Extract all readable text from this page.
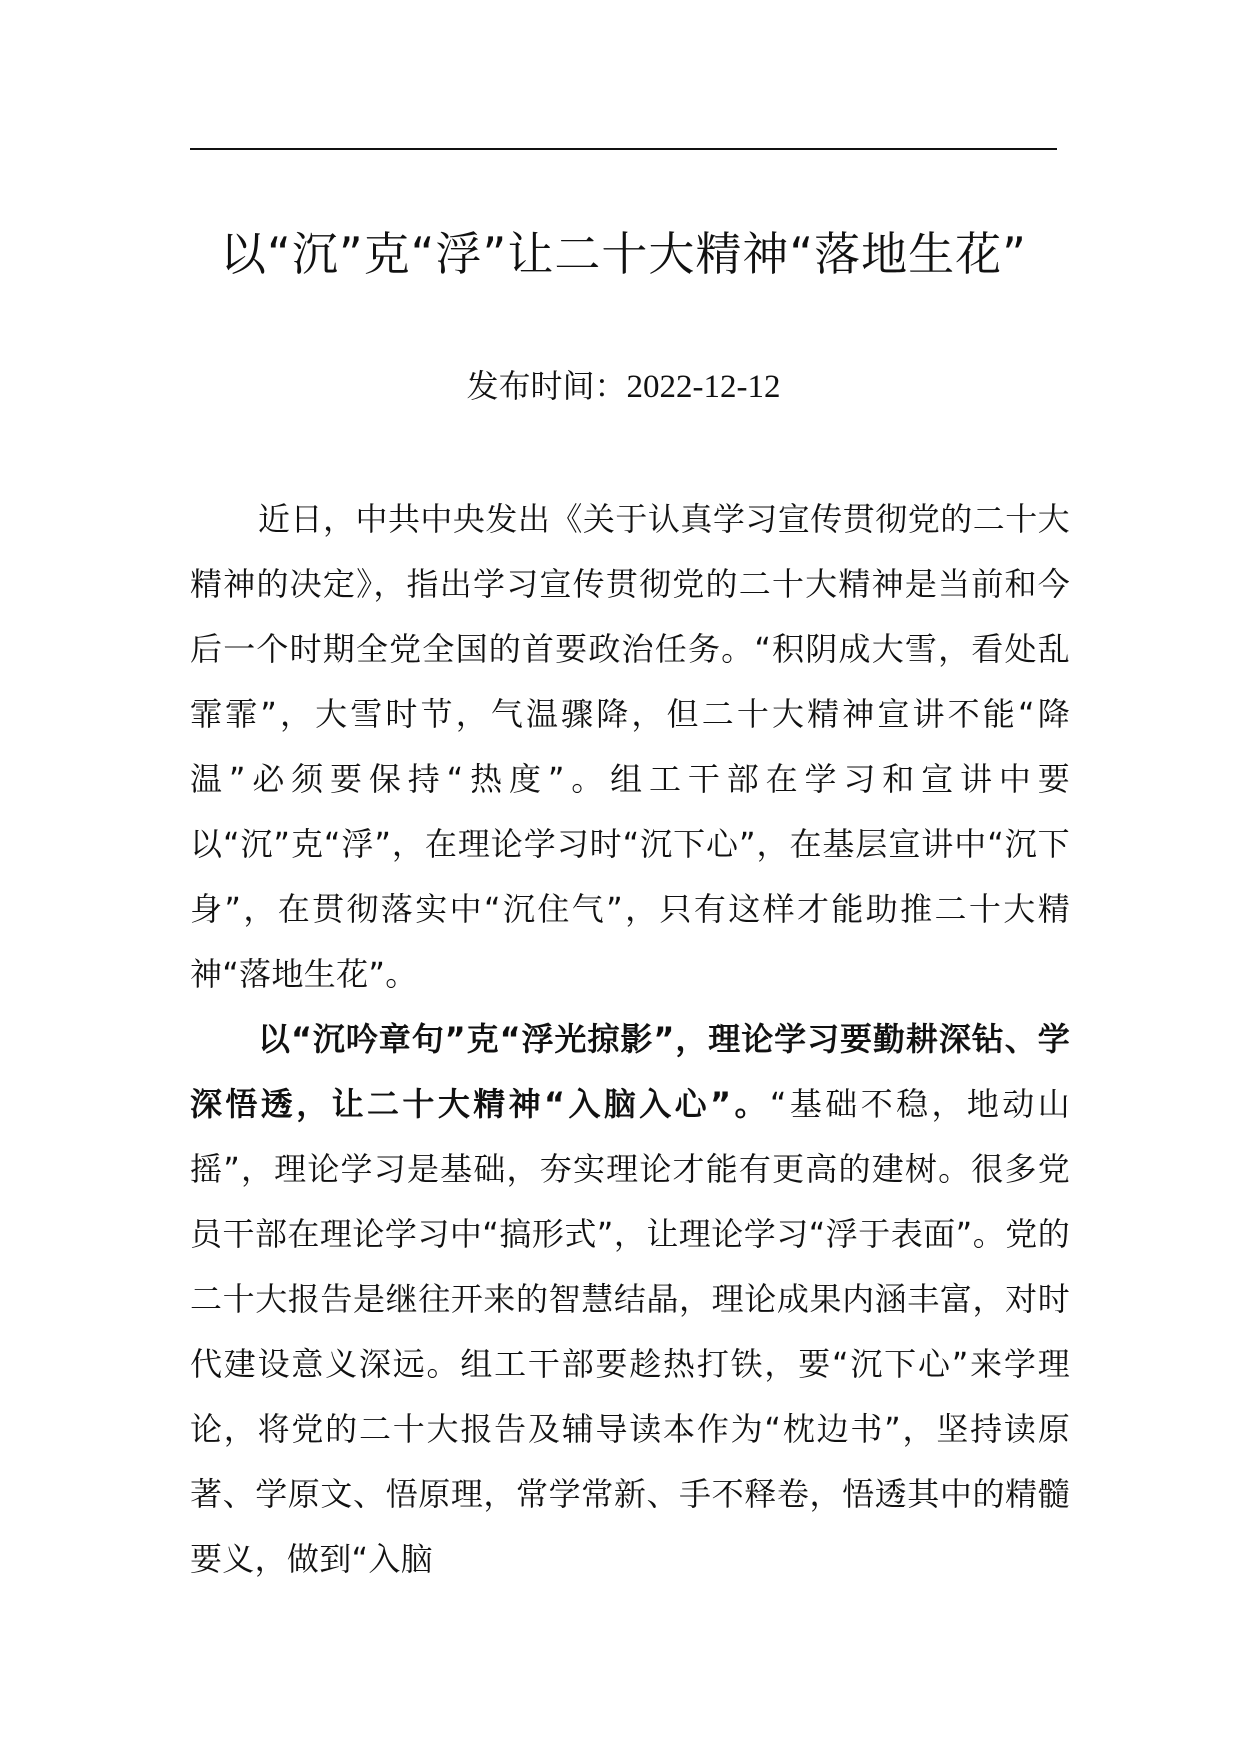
以“沉”克“浮”让二十大精神“落地生花”
发布时间：2022-12-12

近日，中共中央发出《关于认真学习宣传贯彻党的二十大精神的决定》，指出学习宣传贯彻党的二十大精神是当前和今后一个时期全党全国的首要政治任务。“积阴成大雪，看处乱霏霏”，大雪时节，气温骤降，但二十大精神宣讲不能“降温”必须要保持“热度”。组工干部在学习和宣讲中要以“沉”克“浮”，在理论学习时“沉下心”，在基层宣讲中“沉下身”，在贯彻落实中“沉住气”，只有这样才能助推二十大精神“落地生花”。

以“沉吟章句”克“浮光掠影”，理论学习要勤耕深钻、学深悟透，让二十大精神“入脑入心”。“基础不稳，地动山摇”，理论学习是基础，夯实理论才能有更高的建树。很多党员干部在理论学习中“搞形式”，让理论学习“浮于表面”。党的二十大报告是继往开来的智慧结晶，理论成果内涵丰富，对时代建设意义深远。组工干部要趁热打铁，要“沉下心”来学理论，将党的二十大报告及辅导读本作为“枕边书”，坚持读原著、学原文、悟原理，常学常新、手不释卷，悟透其中的精髓要义，做到“入脑
